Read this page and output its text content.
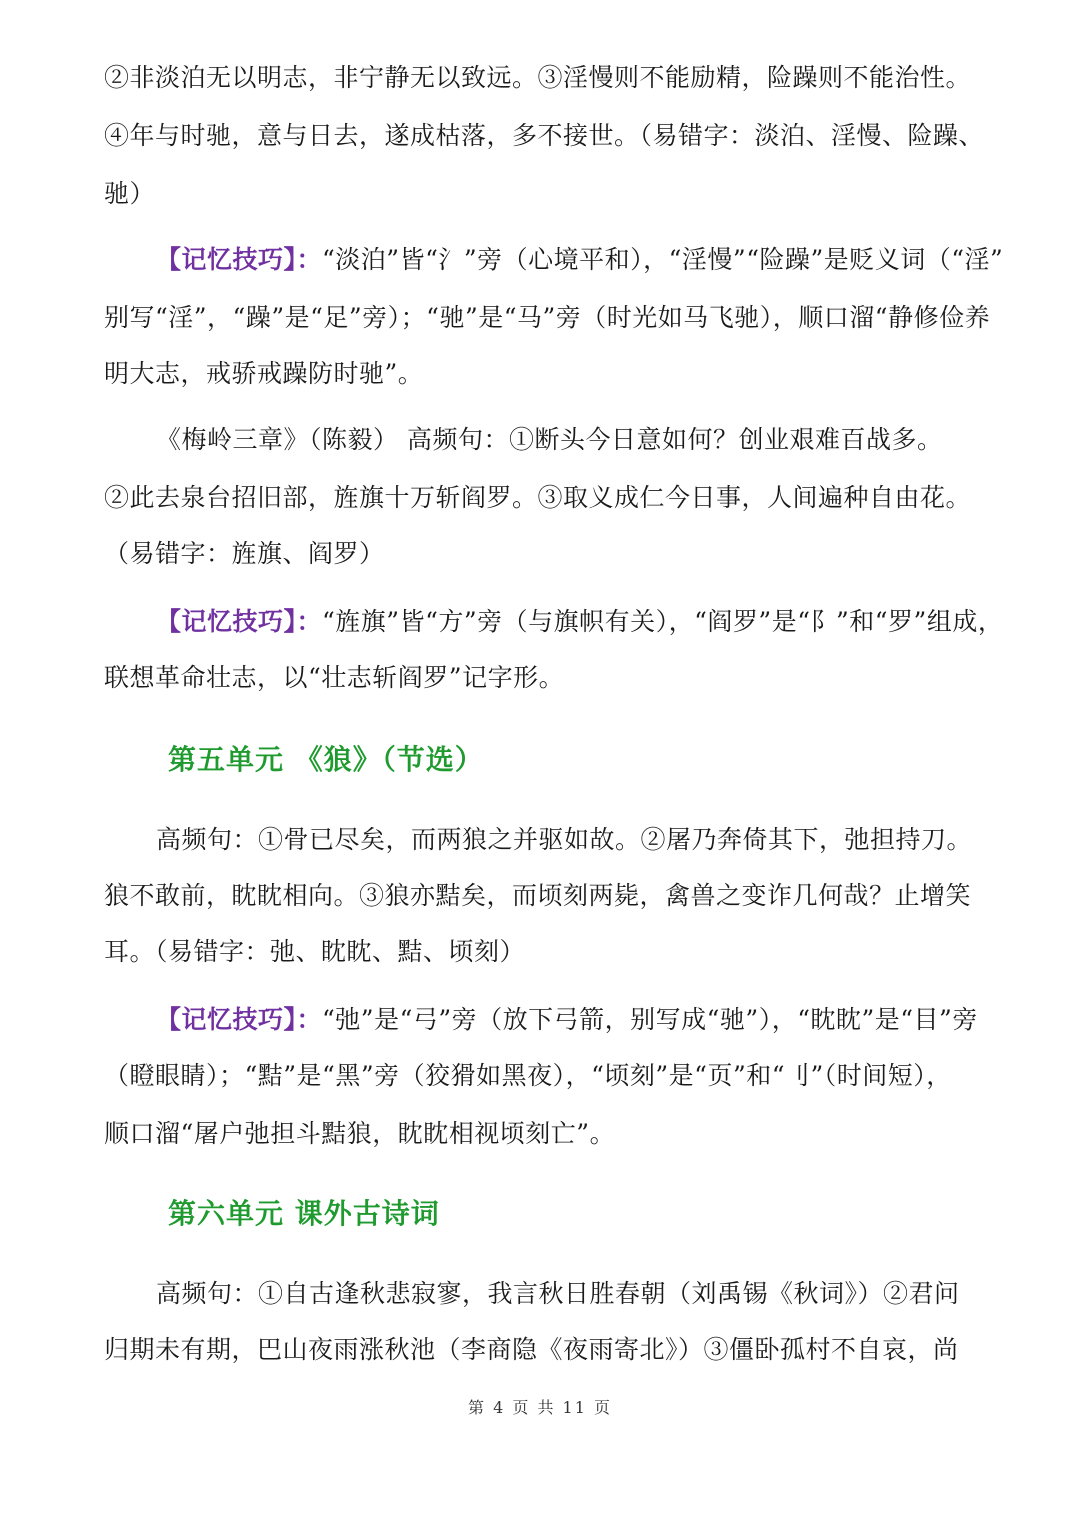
②非淡泊无以明志，非宁静无以致远。③淫慢则不能励精，险躁则不能治性。
④年与时驰，意与日去，遂成枯落，多不接世。（易错字：淡泊、淫慢、险躁、
驰）
【记忆技巧】：“淡泊”皆“氵”旁（心境平和），“淫慢”“险躁”是贬义词（“淫”
别写“淫”，“躁”是“足”旁）；“驰”是“马”旁（时光如马飞驰），顺口溜“静修俭养
明大志，戒骄戒躁防时驰”。
《梅岭三章》（陈毅） 高频句：①断头今日意如何？创业艰难百战多。
②此去泉台招旧部，旌旗十万斩阎罗。③取义成仁今日事，人间遍种自由花。
（易错字：旌旗、阎罗）
【记忆技巧】：“旌旗”皆“方”旁（与旗帜有关），“阎罗”是“阝”和“罗”组成，
联想革命壮志，以“壮志斩阎罗”记字形。
第五单元 《狼》（节选）
高频句：①骨已尽矣，而两狼之并驱如故。②屠乃奔倚其下，弛担持刀。
狼不敢前，眈眈相向。③狼亦黠矣，而顷刻两毙，禽兽之变诈几何哉？止增笑
耳。（易错字：弛、眈眈、黠、顷刻）
【记忆技巧】：“弛”是“弓”旁（放下弓箭，别写成“驰”），“眈眈”是“目”旁
（瞪眼睛）；“黠”是“黑”旁（狡猾如黑夜），“顷刻”是“页”和“刂”（时间短），
顺口溜“屠户弛担斗黠狼，眈眈相视顷刻亡”。
第六单元 课外古诗词
高频句：①自古逢秋悲寂寥，我言秋日胜春朝（刘禹锡《秋词》）②君问
归期未有期，巴山夜雨涨秋池（李商隐《夜雨寄北》）③僵卧孤村不自哀，尚
第 4 页 共 11 页
